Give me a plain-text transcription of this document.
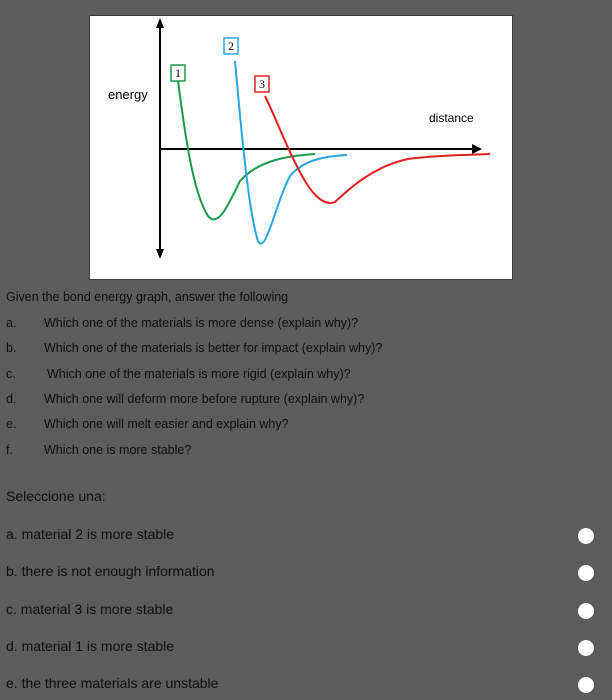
energy
distance
1
2
3
Given the bond energy graph, answer the following
a. Which one of the materials is more dense (explain why)?
b. Which one of the materials is better for impact (explain why)?
c.	Which one of the materials is more rigid (explain why)?
d. Which one will deform more before rupture (explain why)?
e. Which one will melt easier and explain why?
f. Which one is more stable?
Seleccione una:
a. material 2 is more stable
b. there is not enough information
c. material 3 is more stable
d. material 1 is more stable
e. the three materials are unstable
